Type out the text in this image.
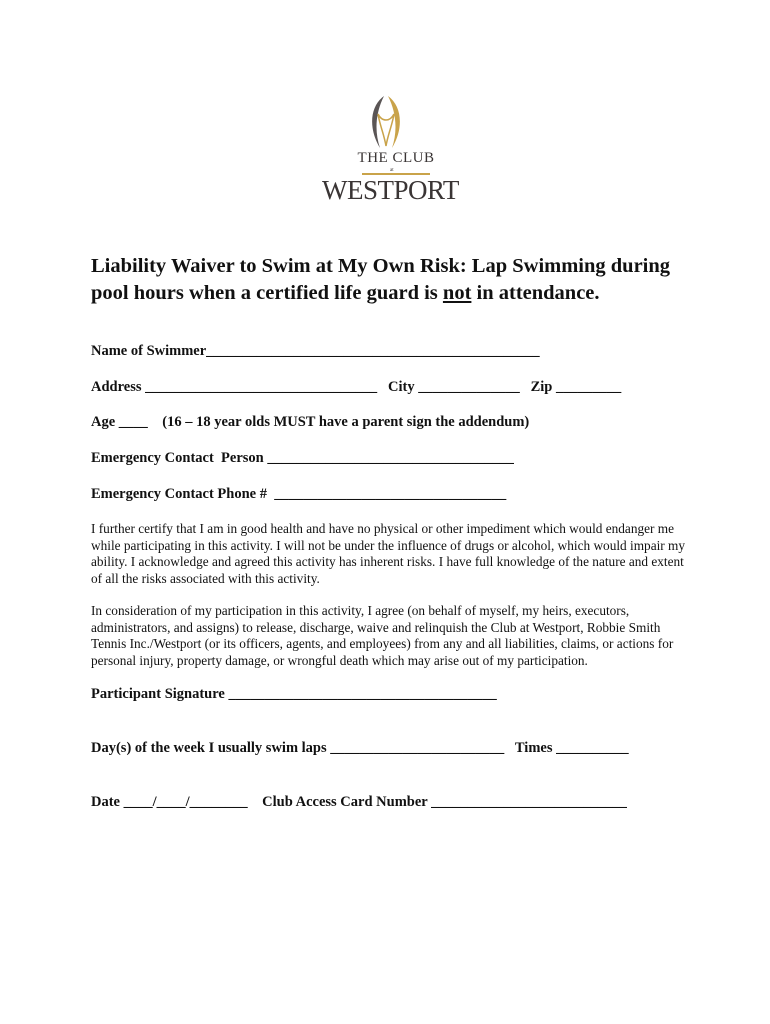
THE CLUB
at
WESTPORT
Liability Waiver to Swim at My Own Risk: Lap Swimming during pool hours when a certified life guard is not in attendance.
Name of Swimmer______________________________________________
Address ________________________________   City ______________   Zip _________
Age ____    (16 – 18 year olds MUST have a parent sign the addendum)
Emergency Contact  Person __________________________________
Emergency Contact Phone #  ________________________________

I further certify that I am in good health and have no physical or other impediment which would endanger me while participating in this activity. I will not be under the influence of drugs or alcohol, which would impair my ability. I acknowledge and agreed this activity has inherent risks. I have full knowledge of the nature and extent of all the risks associated with this activity.

In consideration of my participation in this activity, I agree (on behalf of myself, my heirs, executors, administrators, and assigns) to release, discharge, waive and relinquish the Club at Westport, Robbie Smith Tennis Inc./Westport (or its officers, agents, and employees) from any and all liabilities, claims, or actions for personal injury, property damage, or wrongful death which may arise out of my participation.

Participant Signature _____________________________________
Day(s) of the week I usually swim laps ________________________   Times __________
Date ____/____/________    Club Access Card Number ___________________________
